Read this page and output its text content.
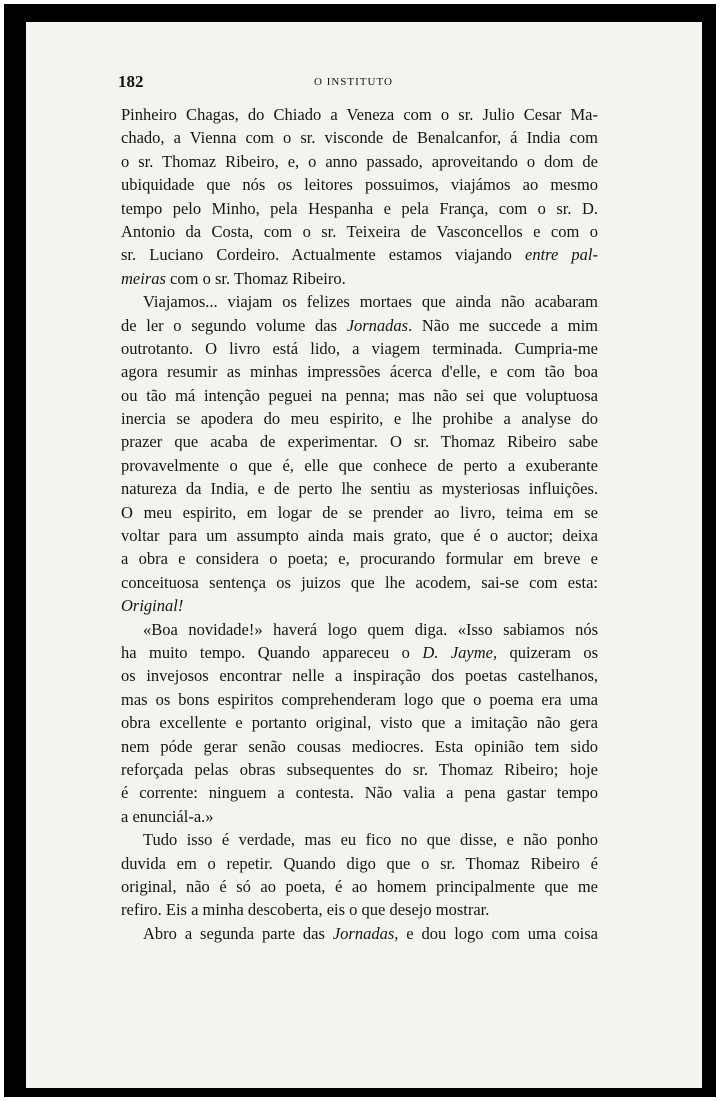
182	O INSTITUTO
Pinheiro Chagas, do Chiado a Veneza com o sr. Julio Cesar Ma-
chado, a Vienna com o sr. visconde de Benalcanfor, á India com
o sr. Thomaz Ribeiro, e, o anno passado, aproveitando o dom de
ubiquidade que nós os leitores possuimos, viajámos ao mesmo
tempo pelo Minho, pela Hespanha e pela França, com o sr. D.
Antonio da Costa, com o sr. Teixeira de Vasconcellos e com o
sr. Luciano Cordeiro. Actualmente estamos viajando entre pal-
meiras com o sr. Thomaz Ribeiro.
Viajamos... viajam os felizes mortaes que ainda não acabaram
de ler o segundo volume das Jornadas. Não me succede a mim
outrotanto. O livro está lido, a viagem terminada. Cumpria-me
agora resumir as minhas impressões ácerca d'elle, e com tão boa
ou tão má intenção peguei na penna; mas não sei que voluptuosa
inercia se apodera do meu espirito, e lhe prohibe a analyse do
prazer que acaba de experimentar. O sr. Thomaz Ribeiro sabe
provavelmente o que é, elle que conhece de perto a exuberante
natureza da India, e de perto lhe sentiu as mysteriosas influições.
O meu espirito, em logar de se prender ao livro, teima em se
voltar para um assumpto ainda mais grato, que é o auctor; deixa
a obra e considera o poeta; e, procurando formular em breve e
conceituosa sentença os juizos que lhe acodem, sai-se com esta:
Original!
«Boa novidade!» haverá logo quem diga. «Isso sabiamos nós
ha muito tempo. Quando appareceu o D. Jayme, quizeram os
os invejosos encontrar nelle a inspiração dos poetas castelhanos,
mas os bons espiritos comprehenderam logo que o poema era uma
obra excellente e portanto original, visto que a imitação não gera
nem póde gerar senão cousas mediocres. Esta opinião tem sido
reforçada pelas obras subsequentes do sr. Thomaz Ribeiro; hoje
é corrente: ninguem a contesta. Não valia a pena gastar tempo
a enunciál-a.»
Tudo isso é verdade, mas eu fico no que disse, e não ponho
duvida em o repetir. Quando digo que o sr. Thomaz Ribeiro é
original, não é só ao poeta, é ao homem principalmente que me
refiro. Eis a minha descoberta, eis o que desejo mostrar.
Abro a segunda parte das Jornadas, e dou logo com uma coisa
